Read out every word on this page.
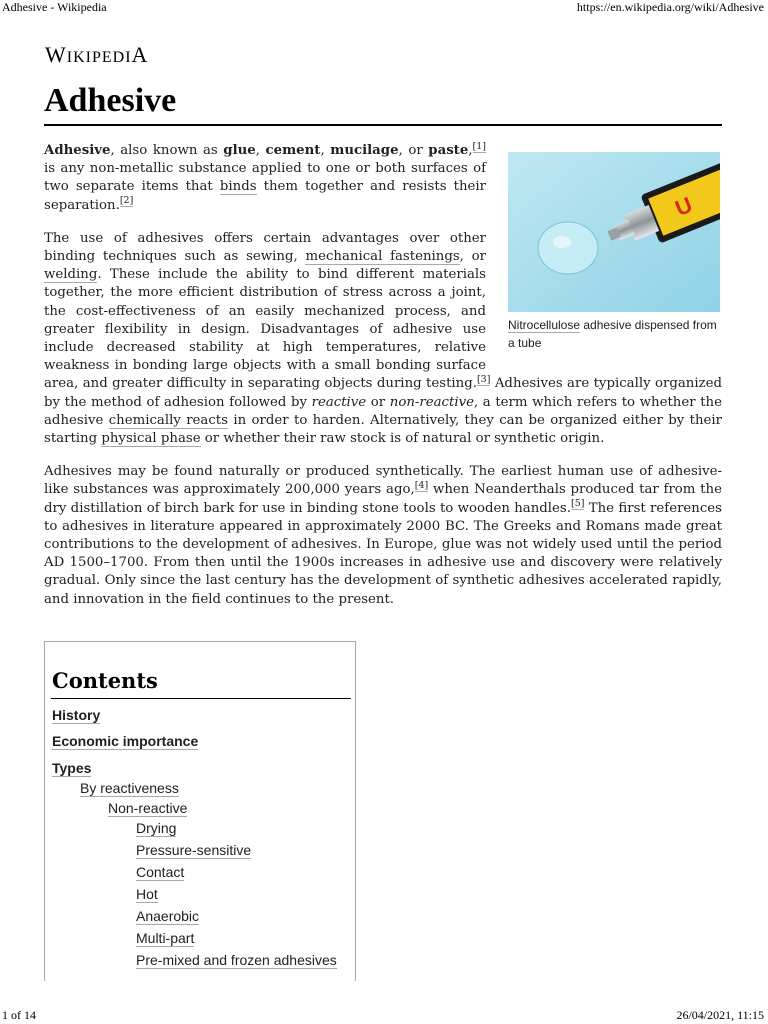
Adhesive - Wikipedia	https://en.wikipedia.org/wiki/Adhesive
WIKIPEDIA
Adhesive
U
Nitrocellulose adhesive dispensed from a tube

Adhesive, also known as glue, cement, mucilage, or paste,[1] is any non-metallic substance applied to one or both surfaces of two separate items that binds them together and resists their separation.[2]

The use of adhesives offers certain advantages over other binding techniques such as sewing, mechanical fastenings, or welding. These include the ability to bind different materials together, the more efficient distribution of stress across a joint, the cost-effectiveness of an easily mechanized process, and greater flexibility in design. Disadvantages of adhesive use include decreased stability at high temperatures, relative weakness in bonding large objects with a small bonding surface area, and greater difficulty in separating objects during testing.[3] Adhesives are typically organized by the method of adhesion followed by reactive or non-reactive, a term which refers to whether the adhesive chemically reacts in order to harden. Alternatively, they can be organized either by their starting physical phase or whether their raw stock is of natural or synthetic origin.

Adhesives may be found naturally or produced synthetically. The earliest human use of adhesive-like substances was approximately 200,000 years ago,[4] when Neanderthals produced tar from the dry distillation of birch bark for use in binding stone tools to wooden handles.[5] The first references to adhesives in literature appeared in approximately 2000 BC. The Greeks and Romans made great contributions to the development of adhesives. In Europe, glue was not widely used until the period AD 1500–1700. From then until the 1900s increases in adhesive use and discovery were relatively gradual. Only since the last century has the development of synthetic adhesives accelerated rapidly, and innovation in the field continues to the present.

Contents
History
Economic importance
Types
By reactiveness
Non-reactive
Drying
Pressure-sensitive
Contact
Hot
Anaerobic
Multi-part
Pre-mixed and frozen adhesives
1 of 14	26/04/2021, 11:15
